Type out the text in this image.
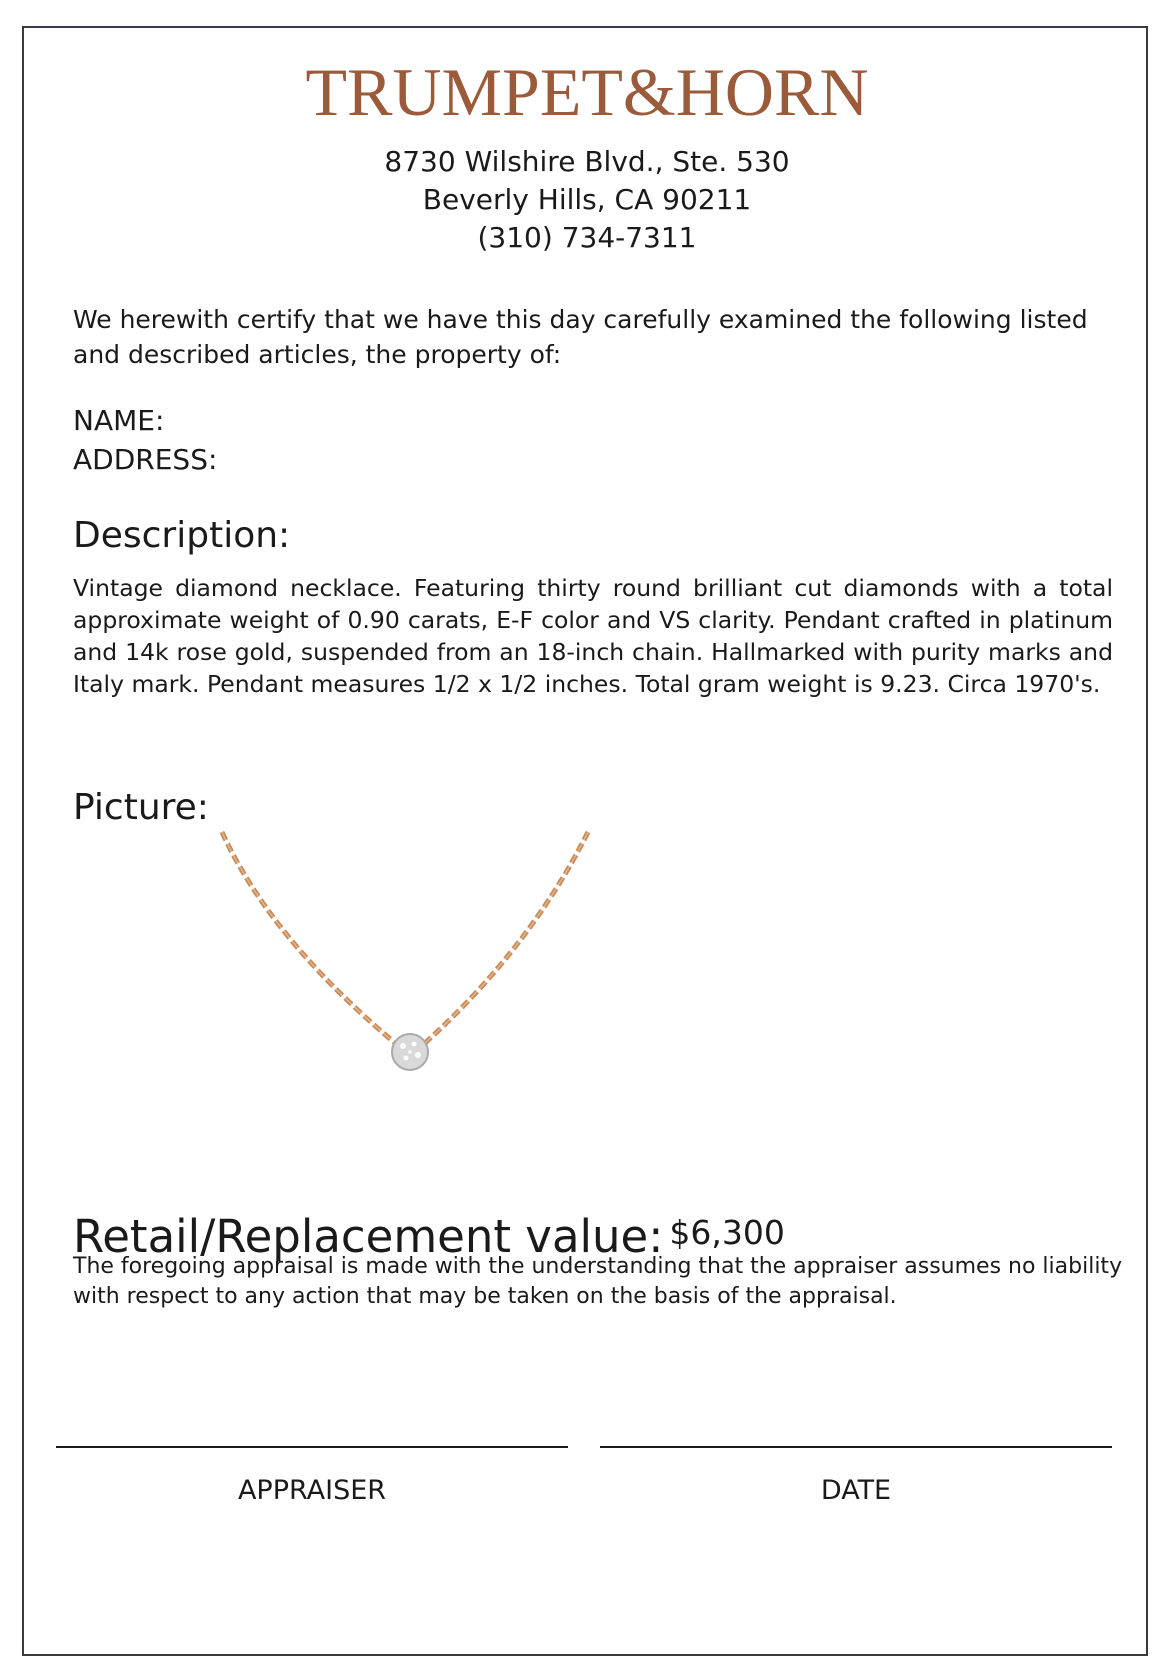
TRUMPET&HORN
8730 Wilshire Blvd., Ste. 530
Beverly Hills, CA 90211
(310) 734-7311
We herewith certify that we have this day carefully examined the following listed and described articles, the property of:
NAME:
ADDRESS:
Description:
Vintage diamond necklace. Featuring thirty round brilliant cut diamonds with a total approximate weight of 0.90 carats, E-F color and VS clarity. Pendant crafted in platinum and 14k rose gold, suspended from an 18-inch chain. Hallmarked with purity marks and Italy mark. Pendant measures 1/2 x 1/2 inches. Total gram weight is 9.23. Circa 1970's.
Picture:
Retail/Replacement value: $6,300
The foregoing appraisal is made with the understanding that the appraiser assumes no liability with respect to any action that may be taken on the basis of the appraisal.
APPRAISER	DATE
